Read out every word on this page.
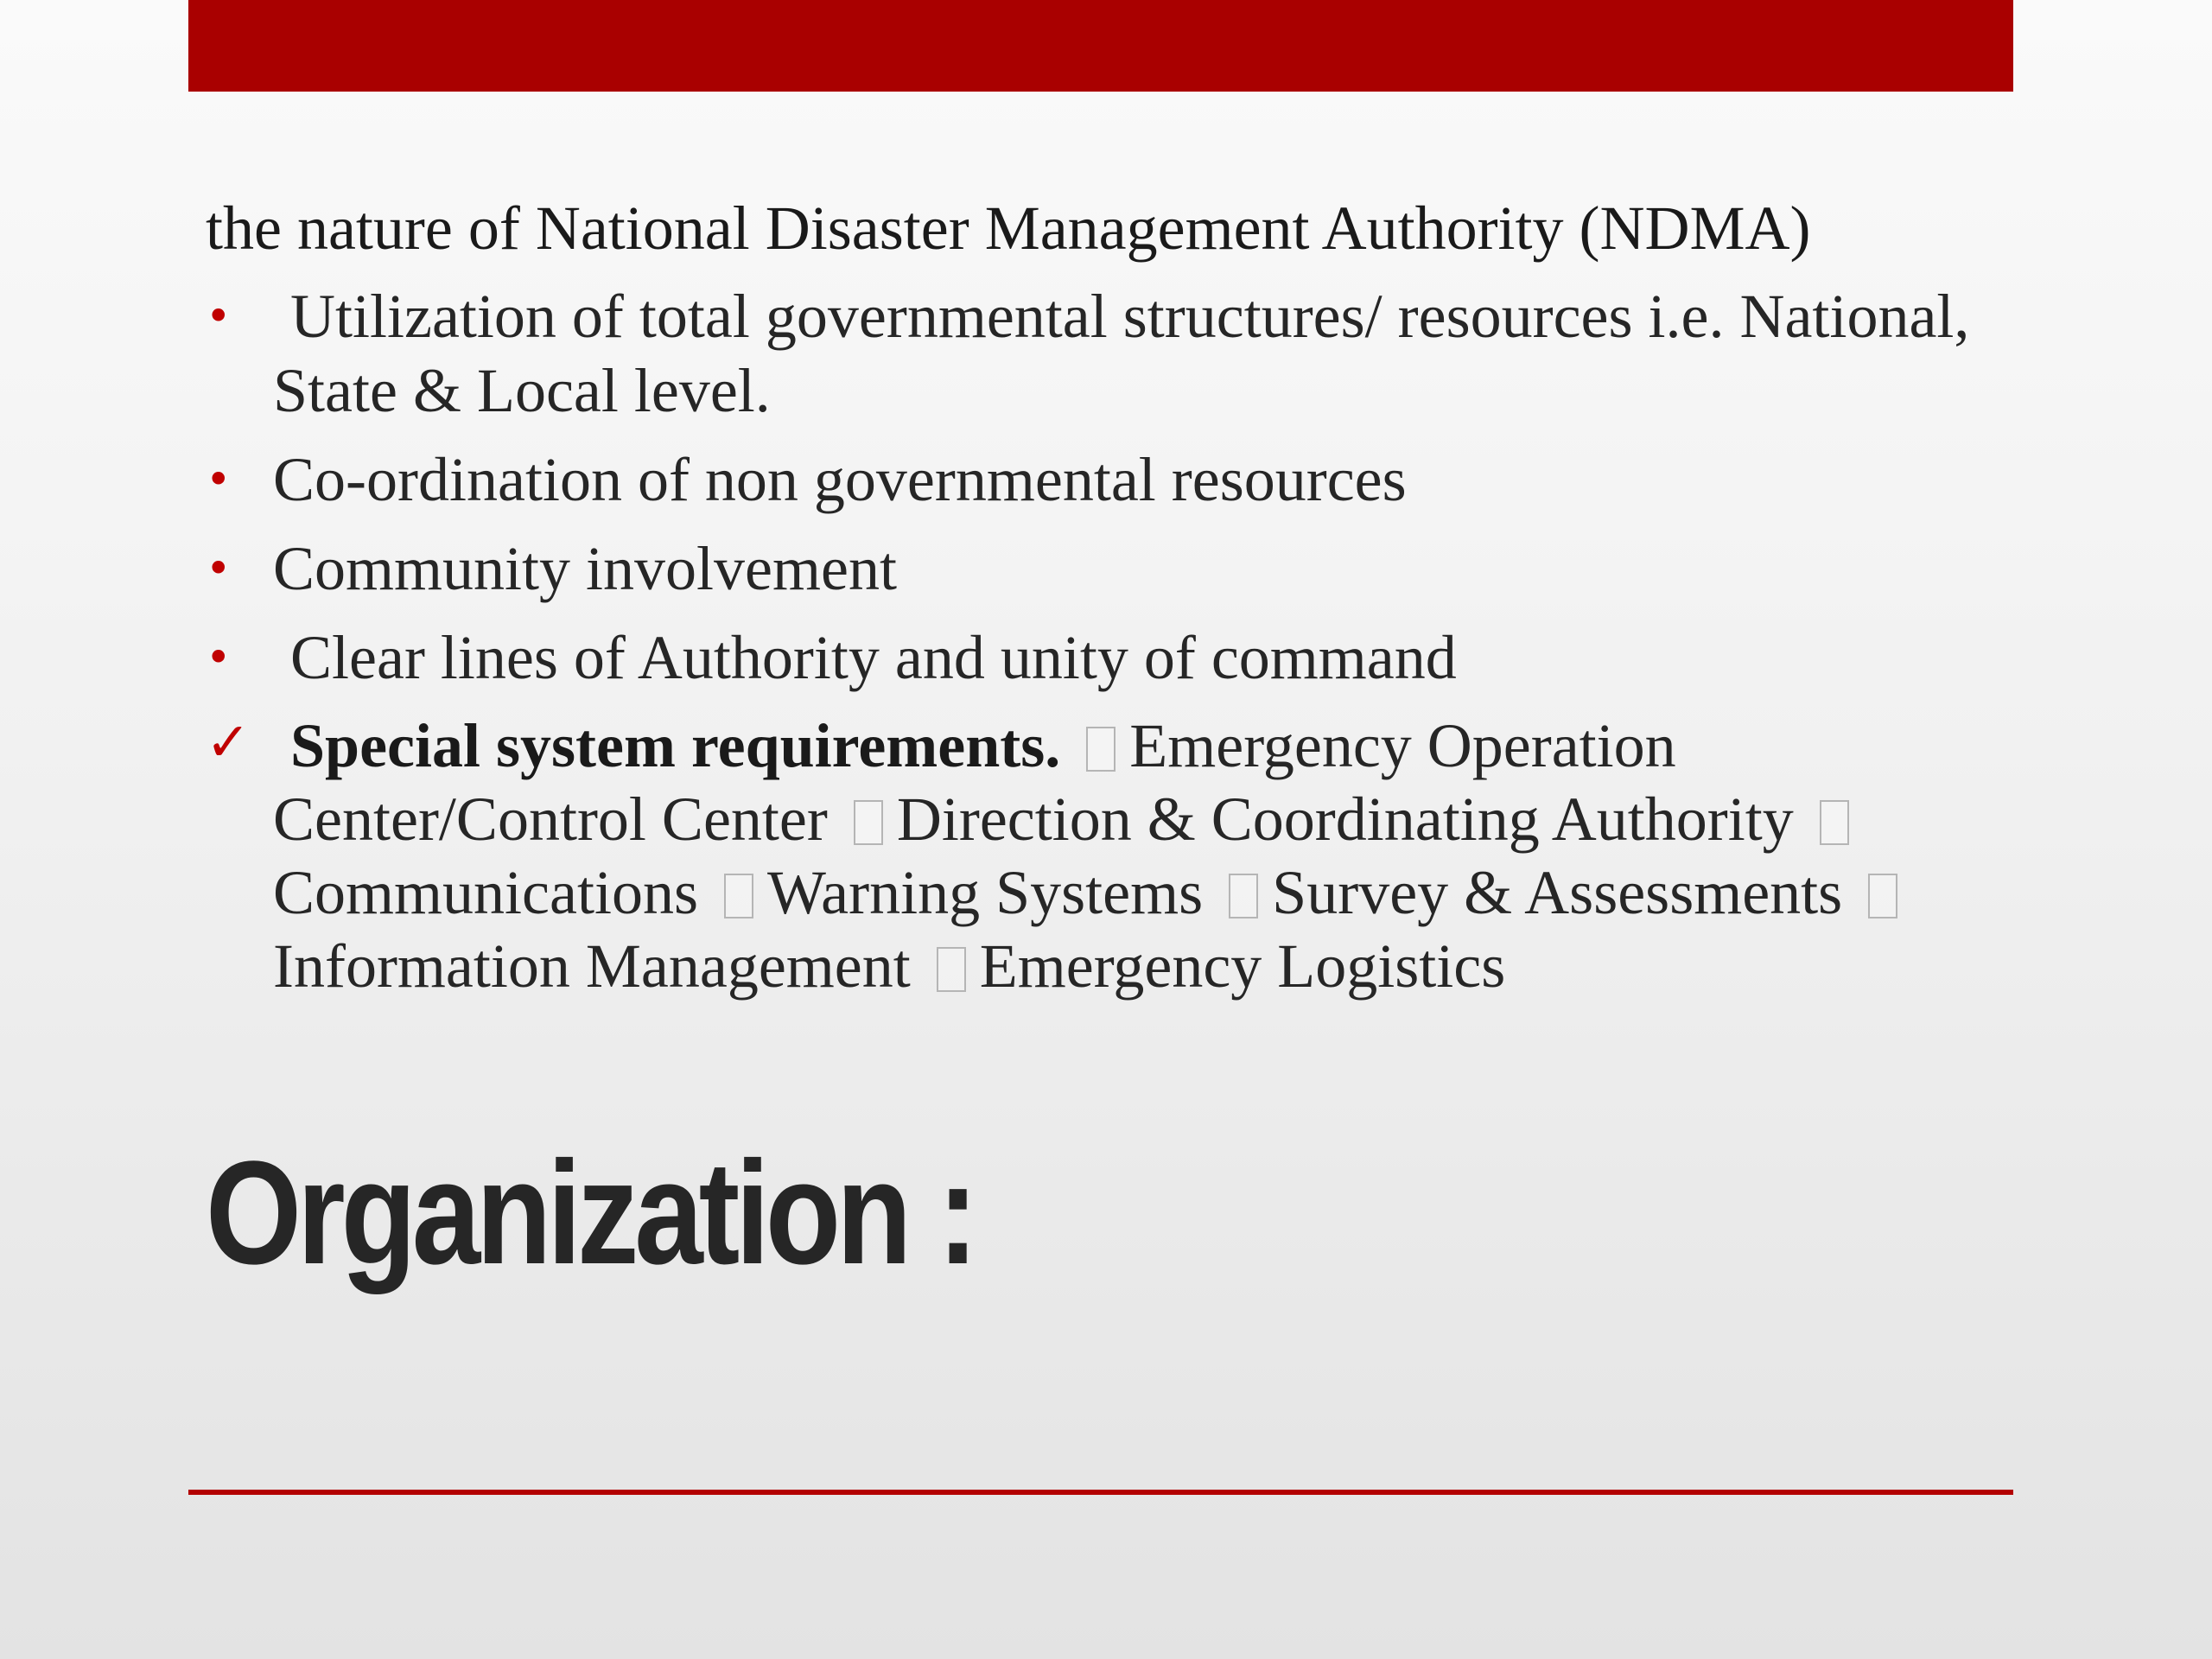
the nature of National Disaster Management Authority (NDMA)

• Utilization of total governmental structures/ resources i.e. National, State & Local level.
• Co-ordination of non governmental resources
• Community involvement
• Clear lines of Authority and unity of command
✓ Special system requirements. Emergency Operation Center/Control Center Direction & Coordinating Authority Communications Warning Systems Survey & Assessments Information Management Emergency Logistics
Organization :
